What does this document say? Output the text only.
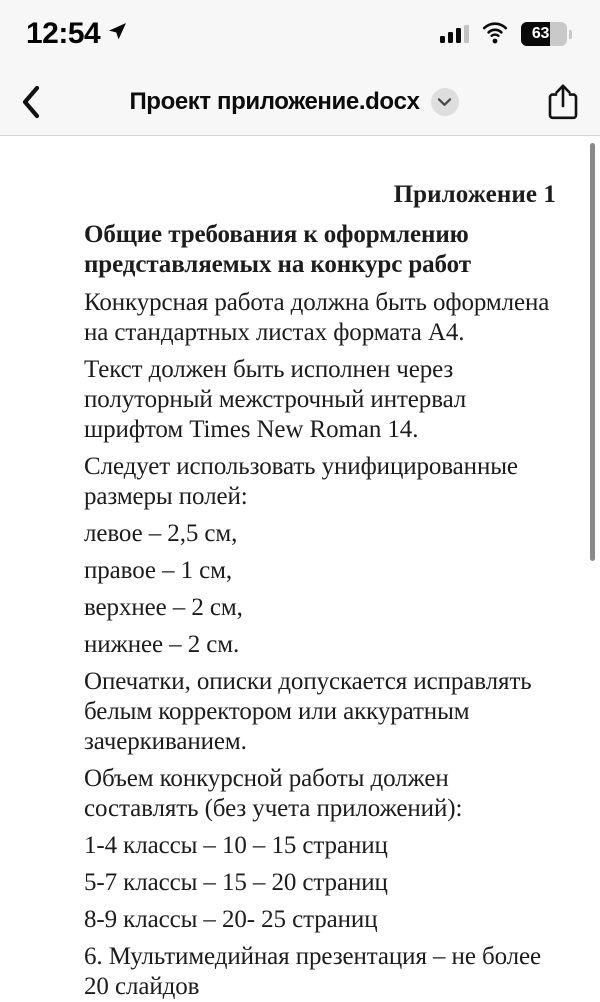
12:54	63
Проект приложение.docx
Приложение 1
Общие требования к оформлению представляемых на конкурс работ
Конкурсная работа должна быть оформлена на стандартных листах формата А4.
Текст должен быть исполнен через полуторный межстрочный интервал шрифтом Times New Roman 14.
Следует использовать унифицированные размеры полей:
левое – 2,5 см,
правое – 1 см,
верхнее – 2 см,
нижнее – 2 см.
Опечатки, описки допускается исправлять белым корректором или аккуратным зачеркиванием.
Объем конкурсной работы должен составлять (без учета приложений):
1-4 классы – 10 – 15 страниц
5-7 классы – 15 – 20 страниц
8-9 классы – 20- 25 страниц
6. Мультимедийная презентация – не более 20 слайдов
